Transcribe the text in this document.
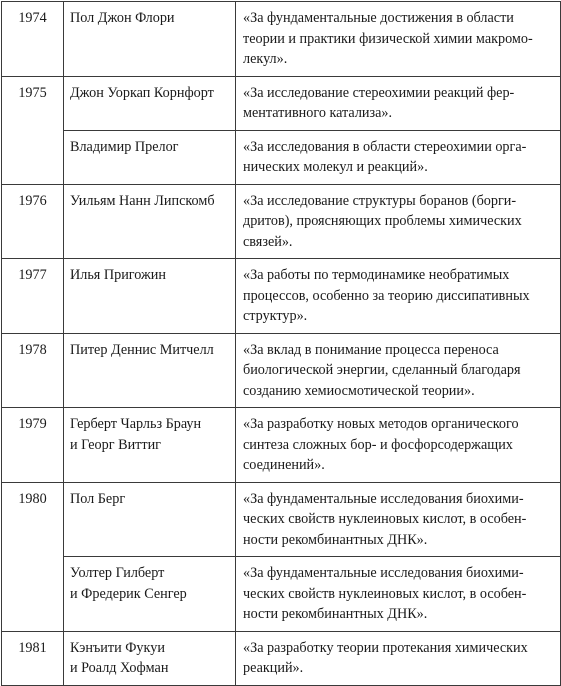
1974	Пол Джон Флори	«За фундаментальные достижения в области
теории и практики физической химии макромо-
лекул».

1975	Джон Уоркап Корнфорт	«За исследование стереохимии реакций фер-
ментативного катализа».

	Владимир Прелог	«За исследования в области стереохимии орга-
нических молекул и реакций».

1976	Уильям Нанн Липскомб	«За исследование структуры боранов (борги-
дритов), проясняющих проблемы химических
связей».

1977	Илья Пригожин	«За работы по термодинамике необратимых
процессов, особенно за теорию диссипативных
структур».

1978	Питер Деннис Митчелл	«За вклад в понимание процесса переноса
биологической энергии, сделанный благодаря
созданию хемиосмотической теории».

1979	Герберт Чарльз Браун
и Георг Виттиг	«За разработку новых методов органического
синтеза сложных бор- и фосфорсодержащих
соединений».

1980	Пол Берг	«За фундаментальные исследования биохими-
ческих свойств нуклеиновых кислот, в особен-
ности рекомбинантных ДНК».

	Уолтер Гилберт
и Фредерик Сенгер	«За фундаментальные исследования биохими-
ческих свойств нуклеиновых кислот, в особен-
ности рекомбинантных ДНК».

1981	Кэнъити Фукуи
и Роалд Хофман	«За разработку теории протекания химических
реакций».
